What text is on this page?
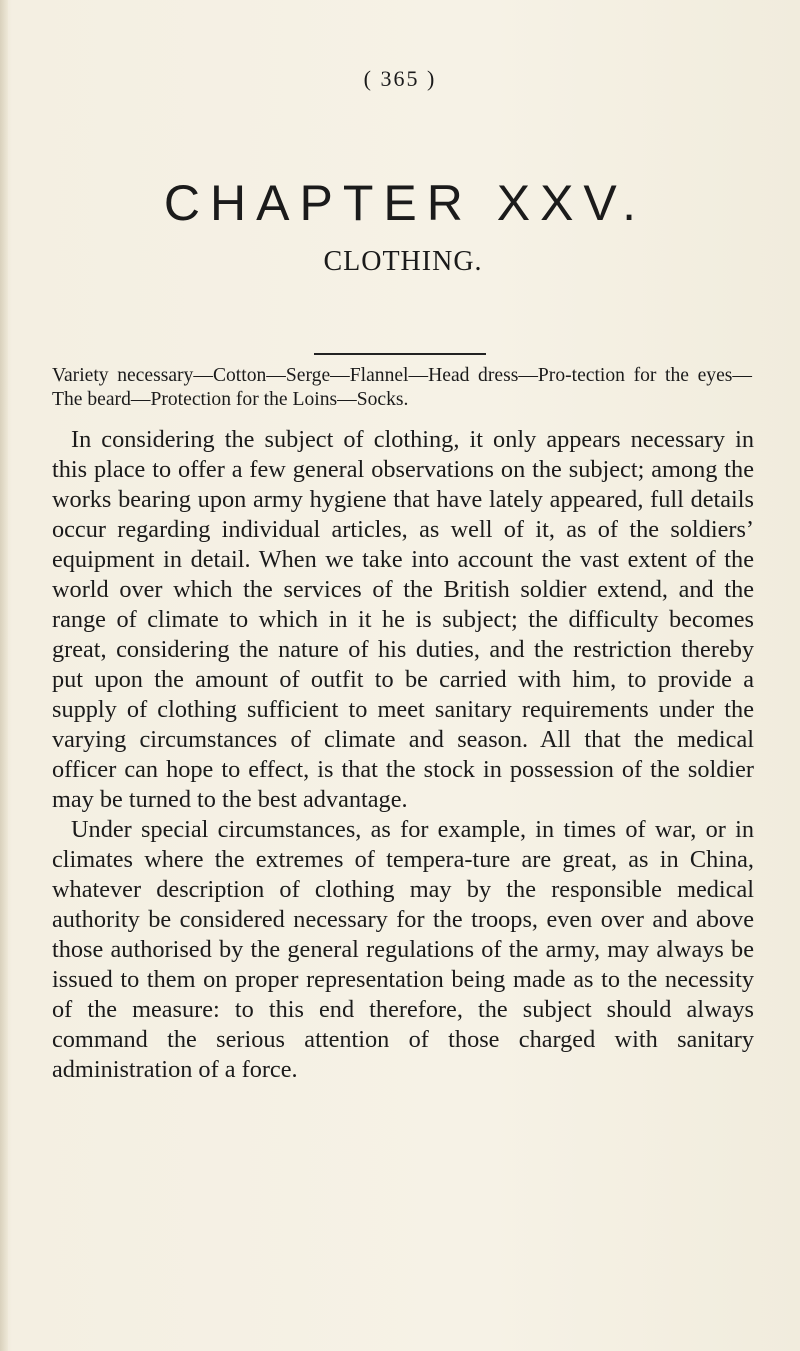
( 365 )
CHAPTER XXV.
CLOTHING.
Variety necessary—Cotton—Serge—Flannel—Head dress—Pro-tection for the eyes—The beard—Protection for the Loins—Socks.

In considering the subject of clothing, it only appears necessary in this place to offer a few general observations on the subject; among the works bearing upon army hygiene that have lately appeared, full details occur regarding individual articles, as well of it, as of the soldiers’ equipment in detail. When we take into account the vast extent of the world over which the services of the British soldier extend, and the range of climate to which in it he is subject; the difficulty becomes great, considering the nature of his duties, and the restriction thereby put upon the amount of outfit to be carried with him, to provide a supply of clothing sufficient to meet sanitary requirements under the varying circumstances of climate and season. All that the medical officer can hope to effect, is that the stock in possession of the soldier may be turned to the best advantage.

Under special circumstances, as for example, in times of war, or in climates where the extremes of tempera-ture are great, as in China, whatever description of clothing may by the responsible medical authority be considered necessary for the troops, even over and above those authorised by the general regulations of the army, may always be issued to them on proper representation being made as to the necessity of the measure: to this end therefore, the subject should always command the serious attention of those charged with sanitary administration of a force.
